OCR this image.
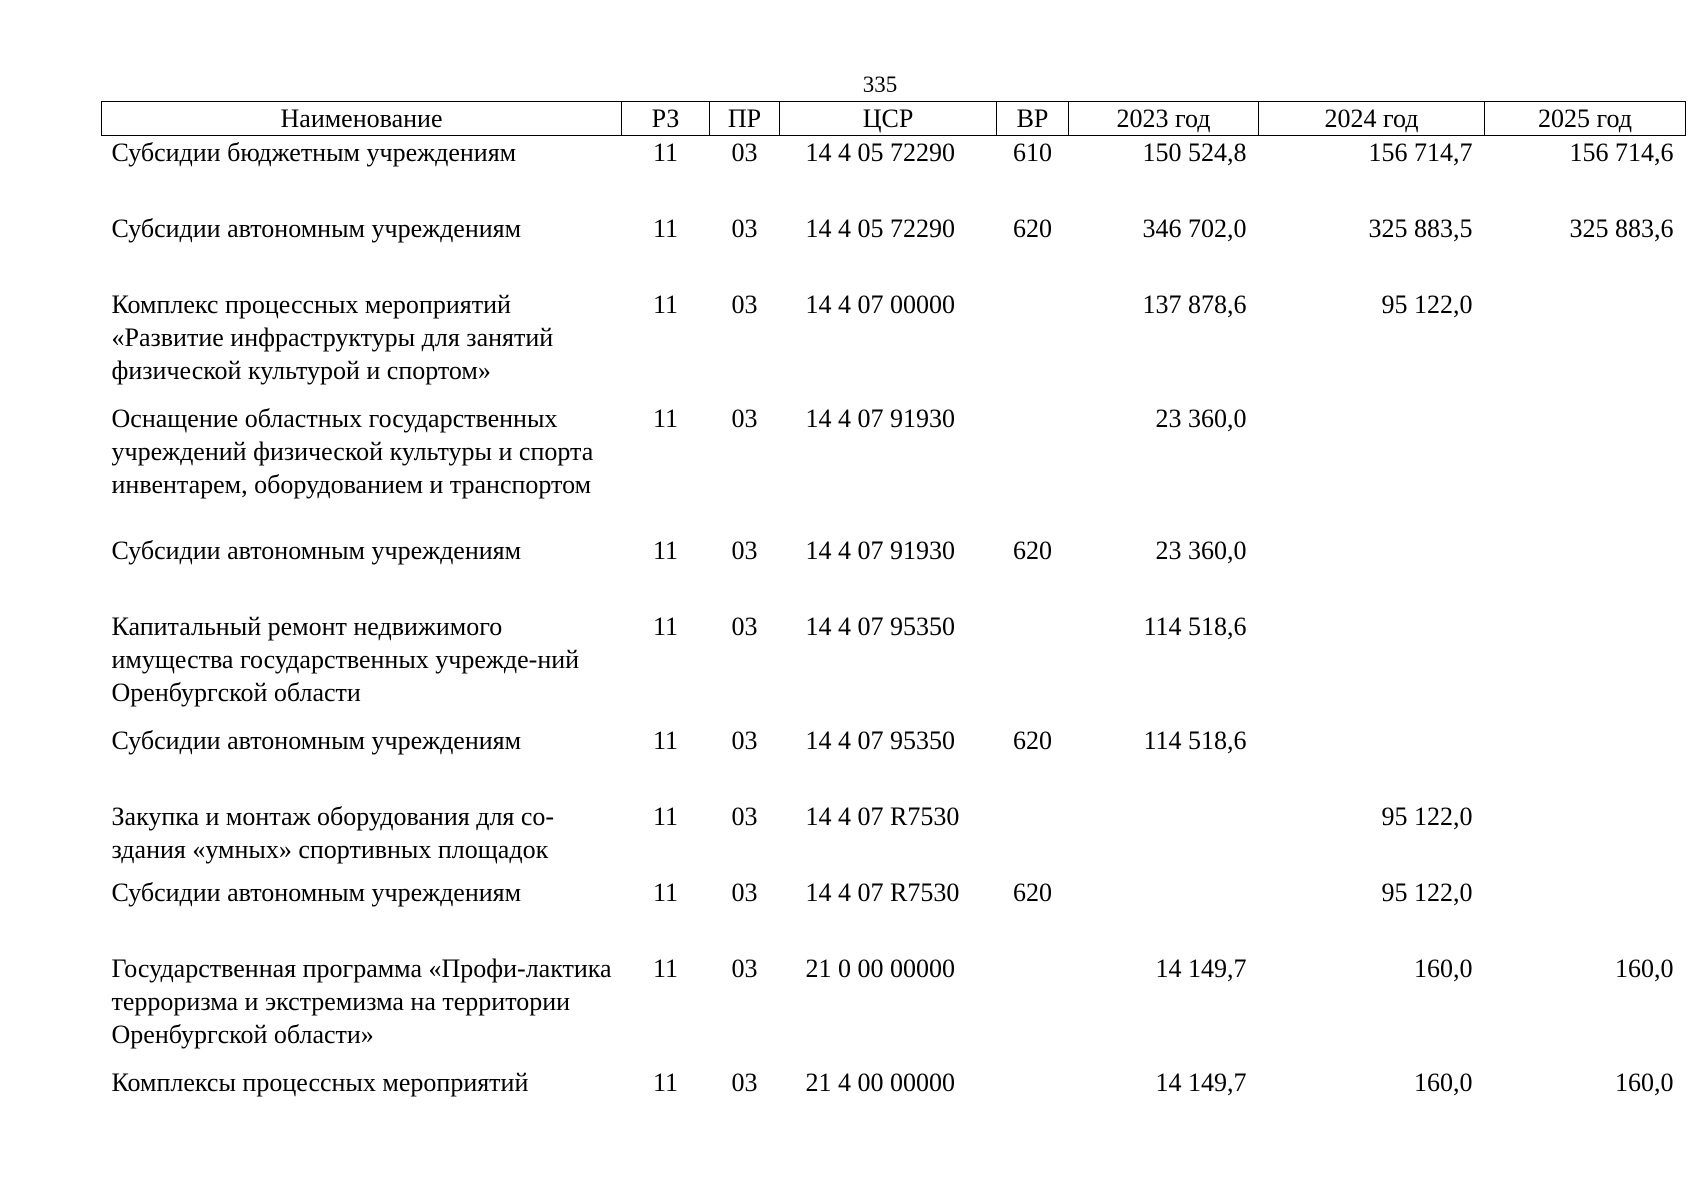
335
Наименование	РЗ	ПР	ЦСР	ВР	2023 год	2024 год	2025 год
Субсидии бюджетным учреждениям	11	03	14 4 05 72290	610	150 524,8	156 714,7	156 714,6
Субсидии автономным учреждениям	11	03	14 4 05 72290	620	346 702,0	325 883,5	325 883,6
Комплекс процессных мероприятий «Развитие инфраструктуры для занятий физической культурой и спортом»	11	03	14 4 07 00000		137 878,6	95 122,0	
Оснащение областных государственных учреждений физической культуры и спорта инвентарем, оборудованием и транспортом	11	03	14 4 07 91930		23 360,0		
Субсидии автономным учреждениям	11	03	14 4 07 91930	620	23 360,0		
Капитальный ремонт недвижимого имущества государственных учрежде-ний Оренбургской области	11	03	14 4 07 95350		114 518,6		
Субсидии автономным учреждениям	11	03	14 4 07 95350	620	114 518,6		
Закупка и монтаж оборудования для со-здания «умных» спортивных площадок	11	03	14 4 07 R7530			95 122,0	
Субсидии автономным учреждениям	11	03	14 4 07 R7530	620		95 122,0	
Государственная программа «Профи-лактика терроризма и экстремизма на территории Оренбургской области»	11	03	21 0 00 00000		14 149,7	160,0	160,0
Комплексы процессных мероприятий	11	03	21 4 00 00000		14 149,7	160,0	160,0
